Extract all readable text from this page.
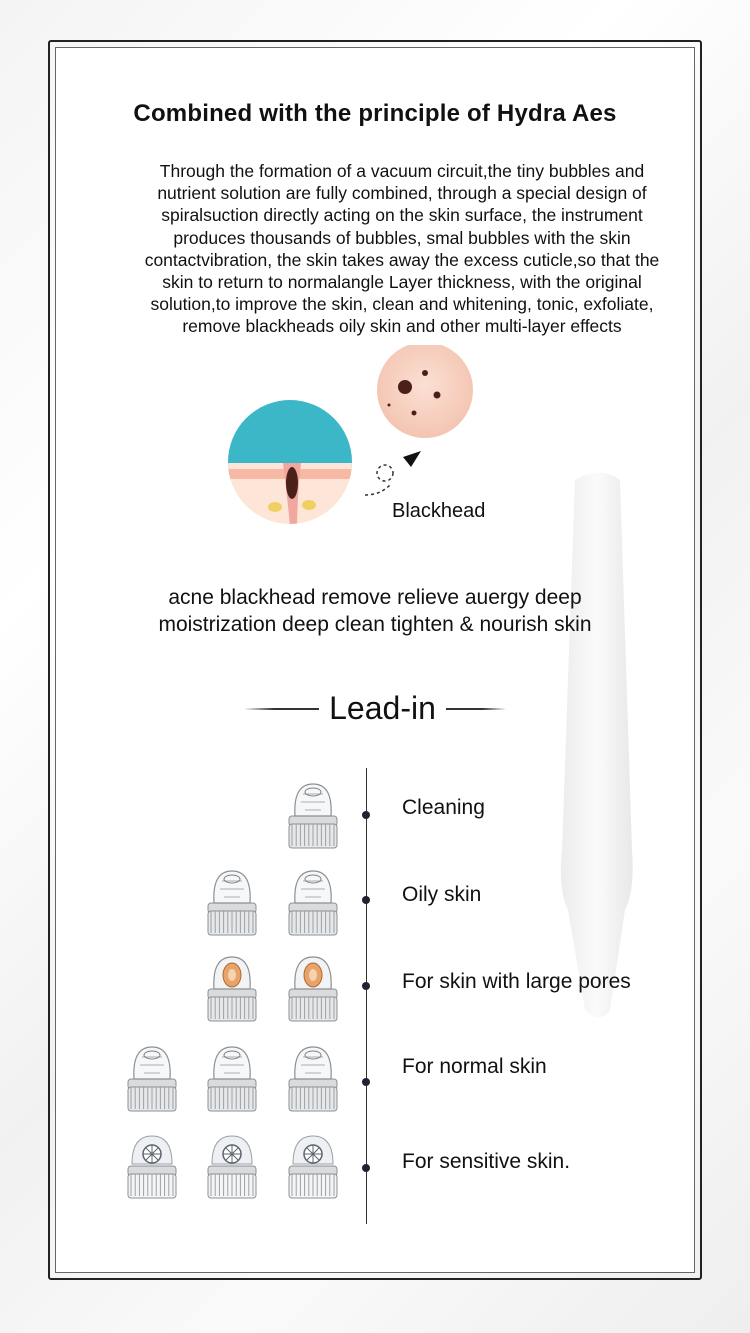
Combined with the principle of Hydra Aes
Through the formation of a vacuum circuit,the tiny bubbles and
nutrient solution are fully combined, through a special design of
spiralsuction directly acting on the skin surface, the instrument
produces thousands of bubbles, smal bubbles with the skin
contactvibration, the skin takes away the excess cuticle,so that the
skin to return to normalangle Layer thickness, with the original
solution,to improve the skin, clean and whitening, tonic, exfoliate,
remove blackheads oily skin and other multi-layer effects
Blackhead
acne blackhead remove relieve auergy deep
moistrization deep clean tighten & nourish skin
Lead-in
Cleaning
Oily skin
For skin with large pores
For normal skin
For sensitive skin.
